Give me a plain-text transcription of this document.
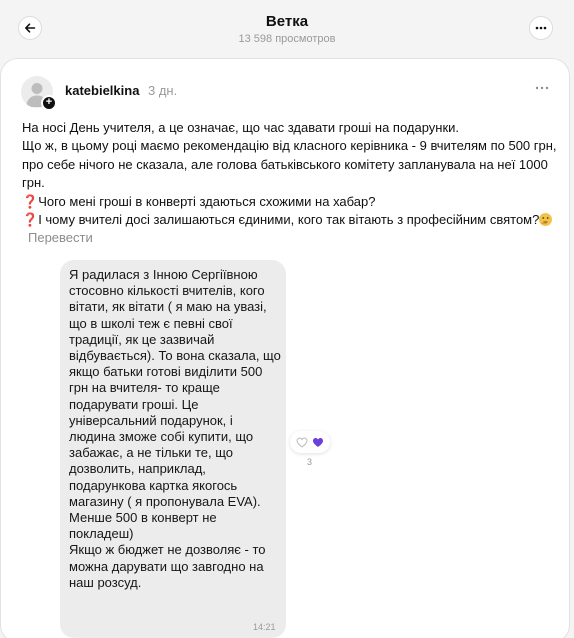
Ветка
13 598 просмотров
+
katebielkina 3 дн.

На носі День учителя, а це означає, що час здавати гроші на подарунки.

Що ж, в цьому році маємо рекомендацію від класного керівника - 9 вчителям по 500 грн, про себе нічого не сказала, але голова батьківського комітету запланувала на неї 1000 грн.

❓Чого мені гроші в конверті здаються схожими на хабар?

❓І чому вчителі досі залишаються єдиними, кого так вітають з професійним святом?
Перевести

Я радилася з Інною Сергіївною стосовно кількості вчителів, кого вітати, як вітати ( я маю на увазі, що в школі теж є певні свої традиції, як це зазвичай відбувається). То вона сказала, що якщо батьки готові виділити 500 грн на вчителя- то краще подарувати гроші. Це універсальний подарунок, і людина зможе собі купити, що забажає, а не тільки те, що дозволить, наприклад, подарункова картка якогось магазину ( я пропонувала EVA).

Менше 500 в конверт не покладеш)

Якщо ж бюджет не дозволяє - то можна дарувати що завгодно на наш розсуд.

14:21
3
